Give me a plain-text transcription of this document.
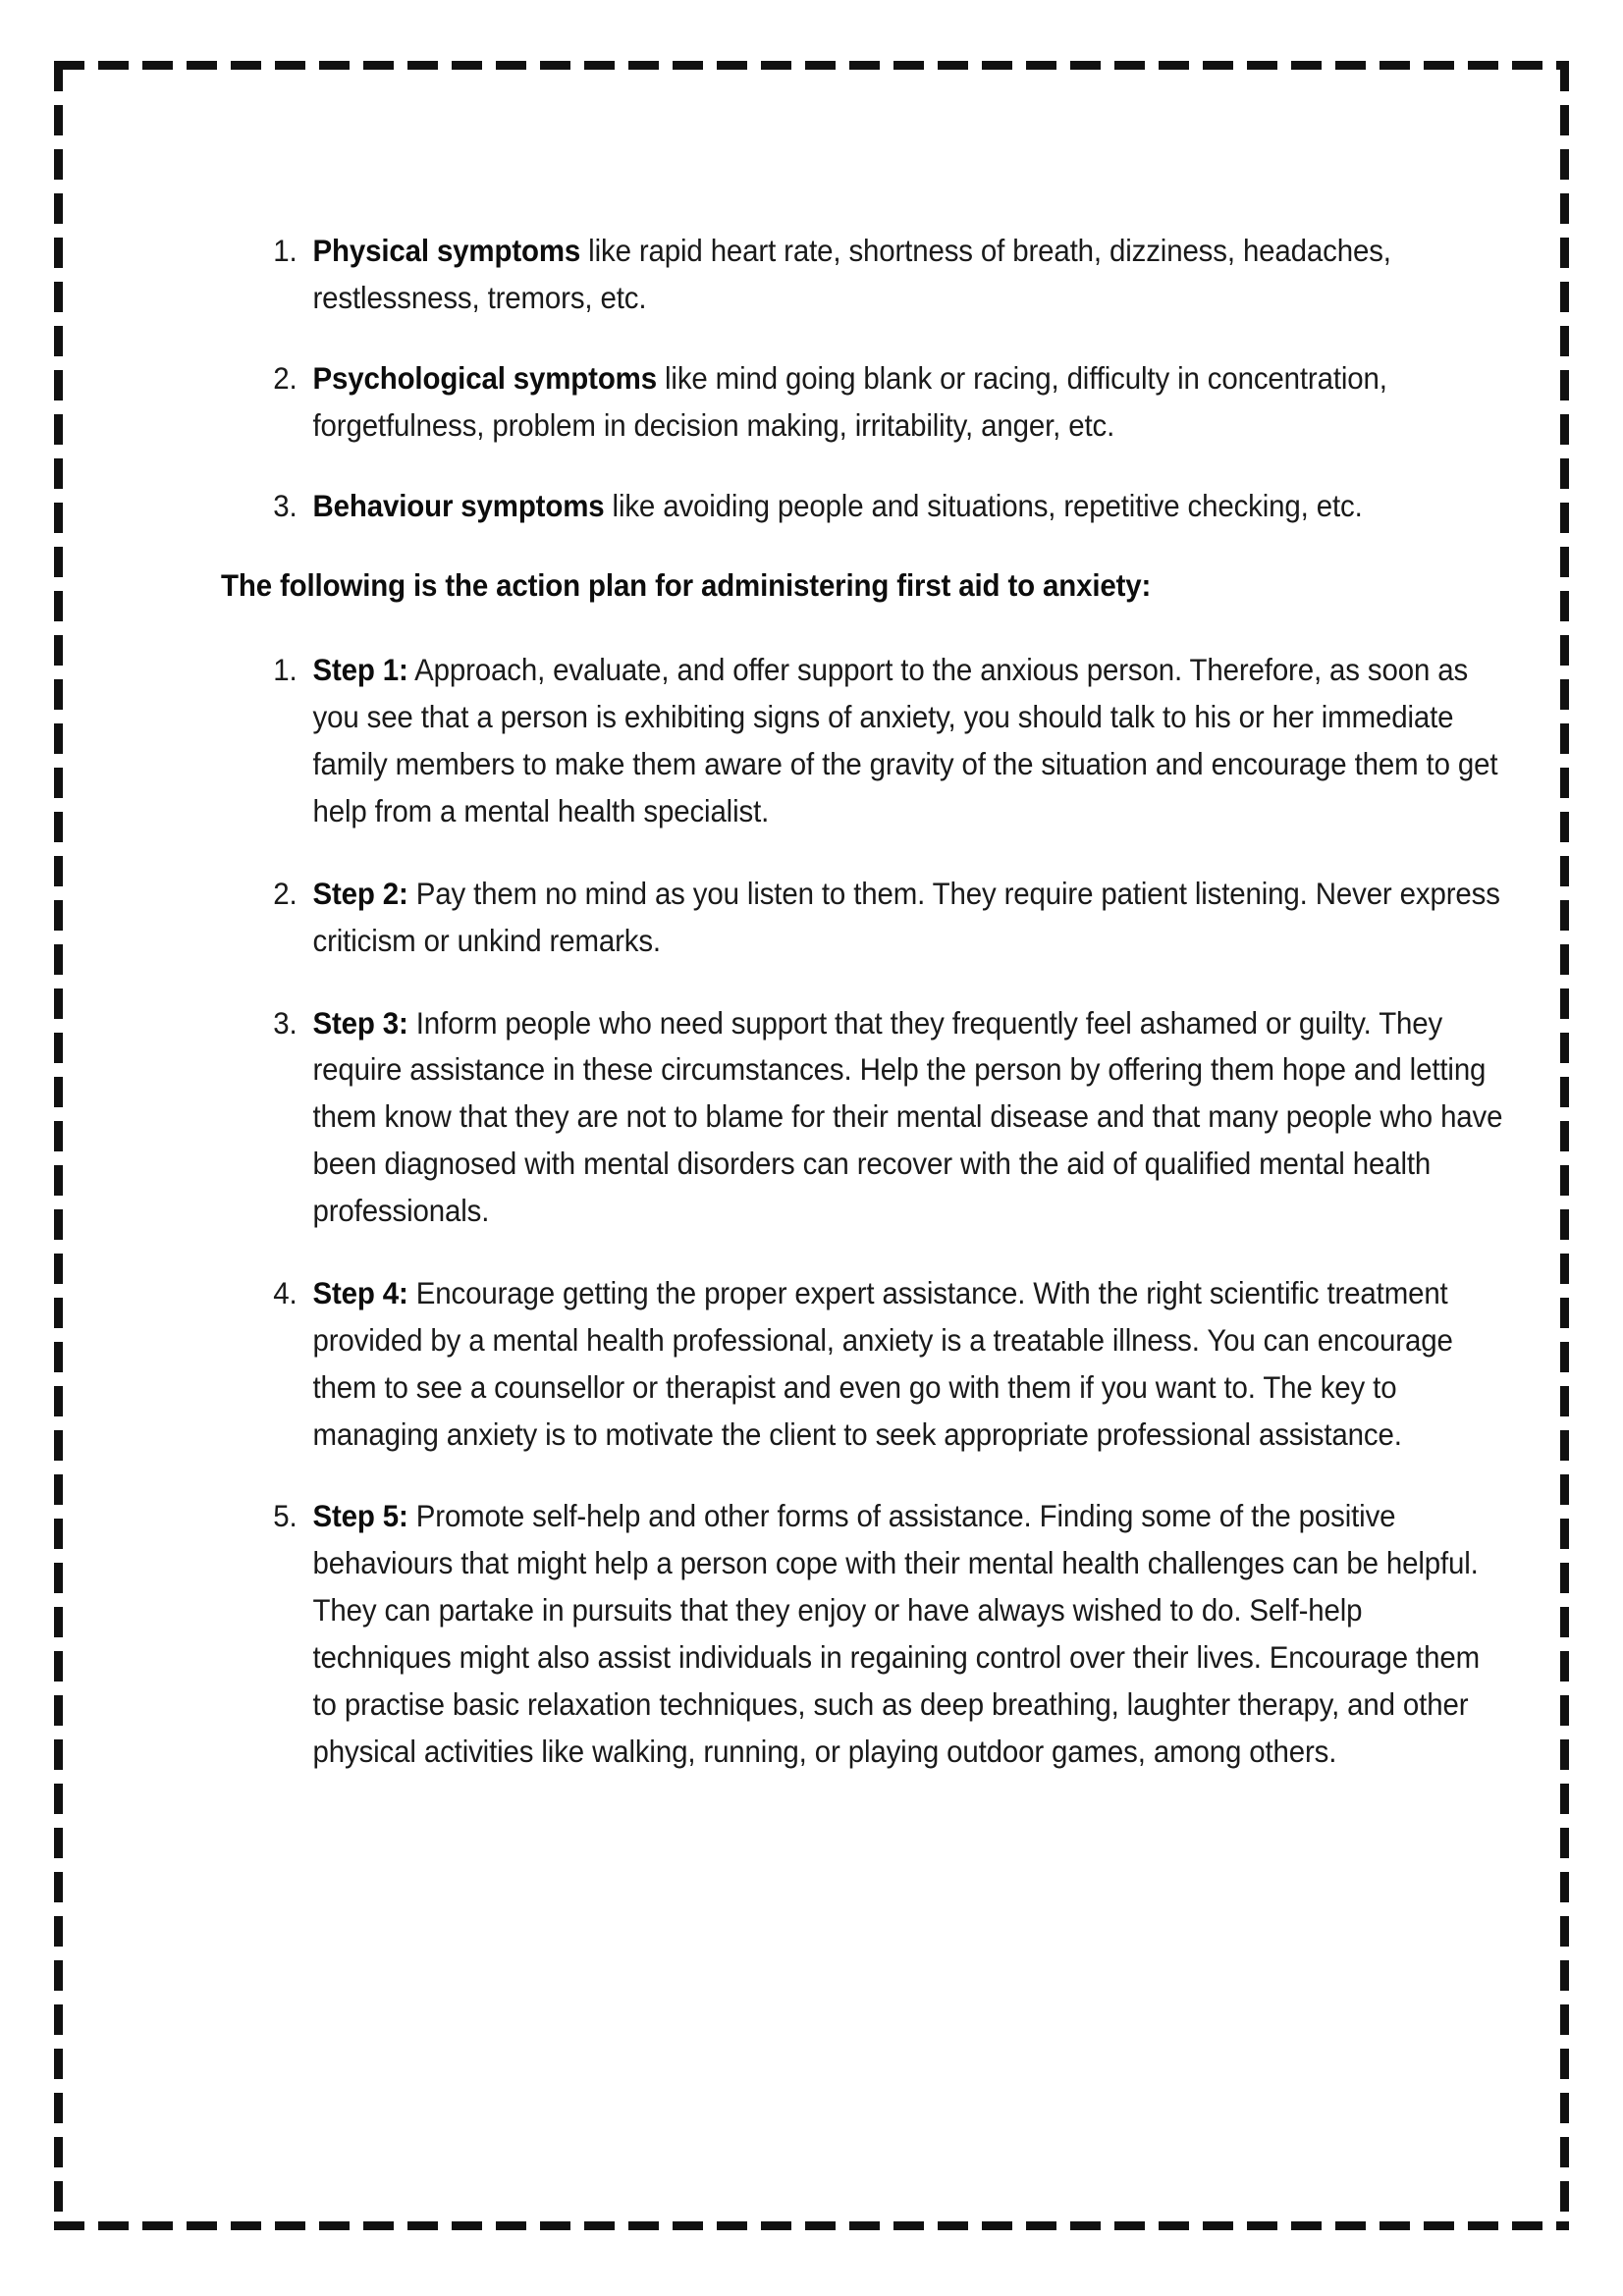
1. Physical symptoms like rapid heart rate, shortness of breath, dizziness, headaches, restlessness, tremors, etc.
2. Psychological symptoms like mind going blank or racing, difficulty in concentration, forgetfulness, problem in decision making, irritability, anger, etc.
3. Behaviour symptoms like avoiding people and situations, repetitive checking, etc.
The following is the action plan for administering first aid to anxiety:
1. Step 1: Approach, evaluate, and offer support to the anxious person. Therefore, as soon as you see that a person is exhibiting signs of anxiety, you should talk to his or her immediate family members to make them aware of the gravity of the situation and encourage them to get help from a mental health specialist.
2. Step 2: Pay them no mind as you listen to them. They require patient listening. Never express criticism or unkind remarks.
3. Step 3: Inform people who need support that they frequently feel ashamed or guilty. They require assistance in these circumstances. Help the person by offering them hope and letting them know that they are not to blame for their mental disease and that many people who have been diagnosed with mental disorders can recover with the aid of qualified mental health professionals.
4. Step 4: Encourage getting the proper expert assistance. With the right scientific treatment provided by a mental health professional, anxiety is a treatable illness. You can encourage them to see a counsellor or therapist and even go with them if you want to. The key to managing anxiety is to motivate the client to seek appropriate professional assistance.
5. Step 5: Promote self-help and other forms of assistance. Finding some of the positive behaviours that might help a person cope with their mental health challenges can be helpful. They can partake in pursuits that they enjoy or have always wished to do. Self-help techniques might also assist individuals in regaining control over their lives. Encourage them to practise basic relaxation techniques, such as deep breathing, laughter therapy, and other physical activities like walking, running, or playing outdoor games, among others.
